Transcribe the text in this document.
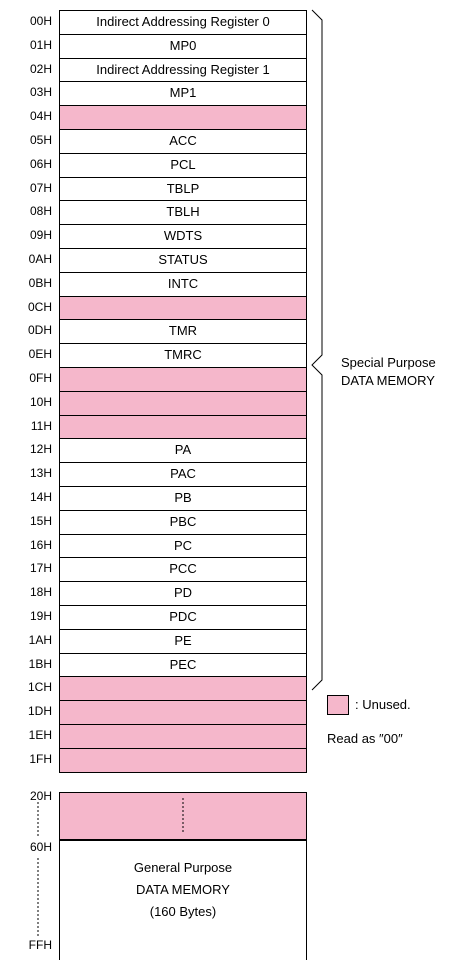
00H	Indirect Addressing Register 0
01H	MP0
02H	Indirect Addressing Register 1
03H	MP1
04H
05H	ACC
06H	PCL
07H	TBLP
08H	TBLH
09H	WDTS
0AH	STATUS
0BH	INTC
0CH
0DH	TMR
0EH	TMRC
0FH
10H
11H
12H	PA
13H	PAC
14H	PB
15H	PBC
16H	PC
17H	PCC
18H	PD
19H	PDC
1AH	PE
1BH	PEC
1CH
1DH
1EH
1FH
20H
60H
General Purpose
DATA MEMORY
(160 Bytes)
FFH
Special Purpose
DATA MEMORY
: Unused.
Read as ″00″
